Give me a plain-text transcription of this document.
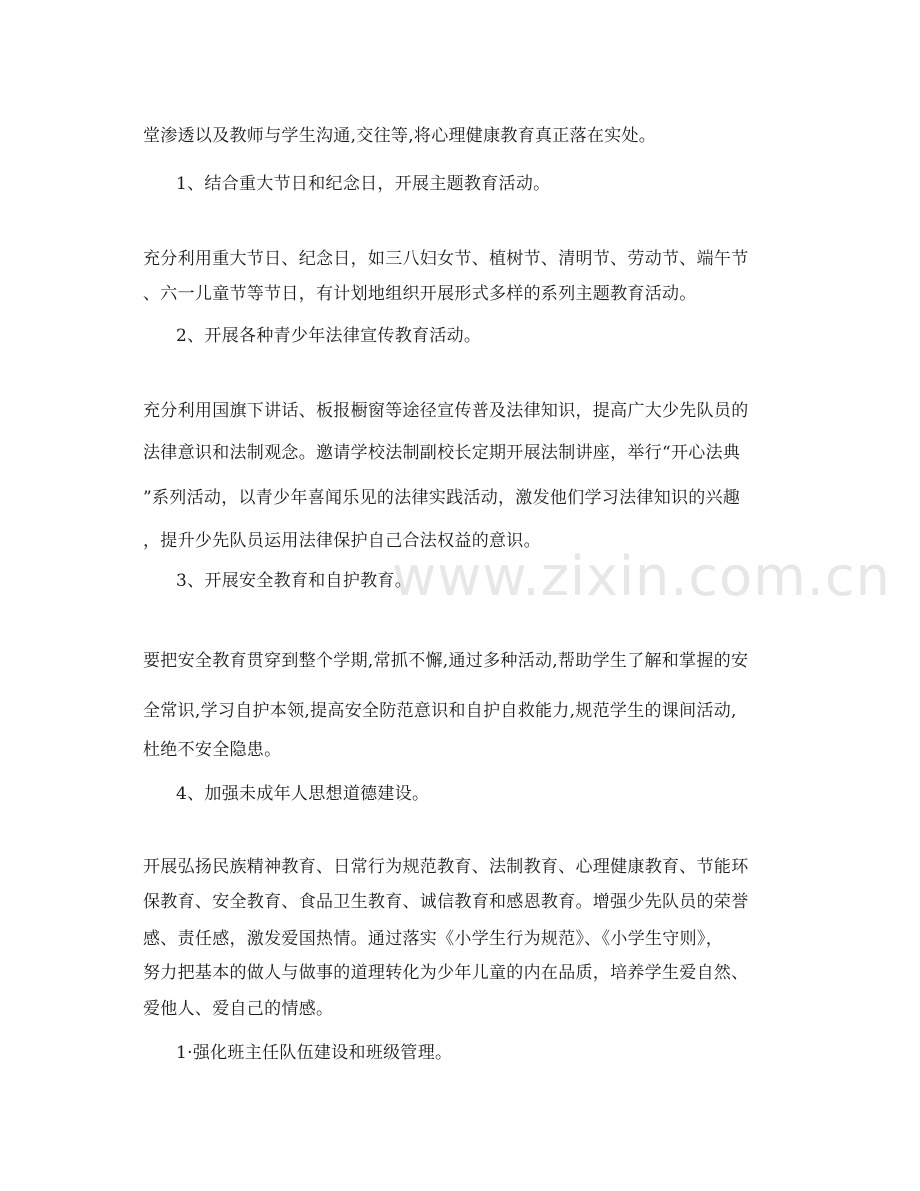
www.zixin.com.cn
堂渗透以及教师与学生沟通,交往等,将心理健康教育真正落在实处。
1、结合重大节日和纪念日，开展主题教育活动。
充分利用重大节日、纪念日，如三八妇女节、植树节、清明节、劳动节、端午节
、六一儿童节等节日，有计划地组织开展形式多样的系列主题教育活动。
2、开展各种青少年法律宣传教育活动。
充分利用国旗下讲话、板报橱窗等途径宣传普及法律知识，提高广大少先队员的
法律意识和法制观念。邀请学校法制副校长定期开展法制讲座，举行“开心法典
”系列活动，以青少年喜闻乐见的法律实践活动，激发他们学习法律知识的兴趣
，提升少先队员运用法律保护自己合法权益的意识。
3、开展安全教育和自护教育。
要把安全教育贯穿到整个学期,常抓不懈,通过多种活动,帮助学生了解和掌握的安
全常识,学习自护本领,提高安全防范意识和自护自救能力,规范学生的课间活动,
杜绝不安全隐患。
4、加强未成年人思想道德建设。
开展弘扬民族精神教育、日常行为规范教育、法制教育、心理健康教育、节能环
保教育、安全教育、食品卫生教育、诚信教育和感恩教育。增强少先队员的荣誉
感、责任感，激发爱国热情。通过落实《小学生行为规范》、《小学生守则》，
努力把基本的做人与做事的道理转化为少年儿童的内在品质，培养学生爱自然、
爱他人、爱自己的情感。
1·强化班主任队伍建设和班级管理。
